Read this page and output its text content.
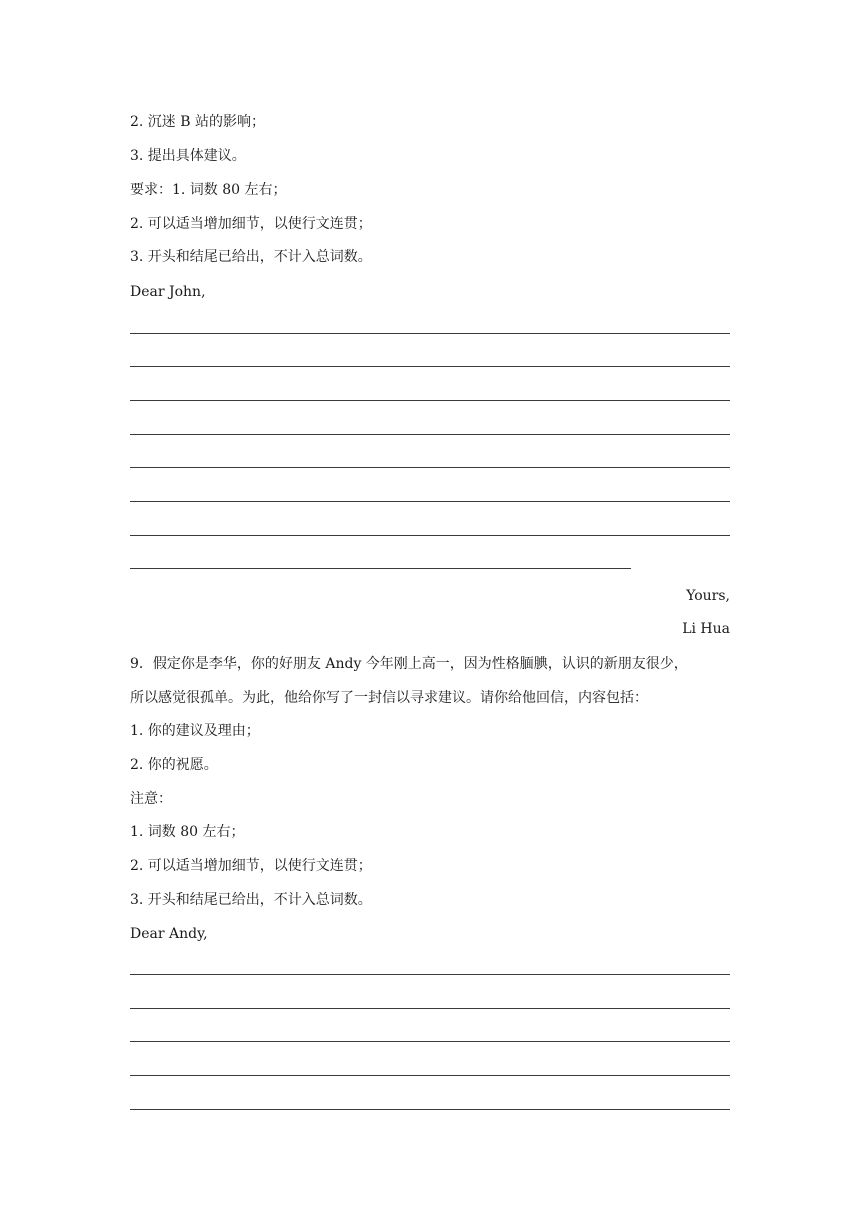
2. 沉迷 B 站的影响；
3. 提出具体建议。
要求：1. 词数 80 左右；
2. 可以适当增加细节，以使行文连贯；
3. 开头和结尾已给出，不计入总词数。
Dear John,
Yours,
Li Hua
9．假定你是李华，你的好朋友 Andy 今年刚上高一，因为性格腼腆，认识的新朋友很少，
所以感觉很孤单。为此，他给你写了一封信以寻求建议。请你给他回信，内容包括：
1. 你的建议及理由；
2. 你的祝愿。
注意：
1. 词数 80 左右；
2. 可以适当增加细节，以使行文连贯；
3. 开头和结尾已给出，不计入总词数。
Dear Andy,
